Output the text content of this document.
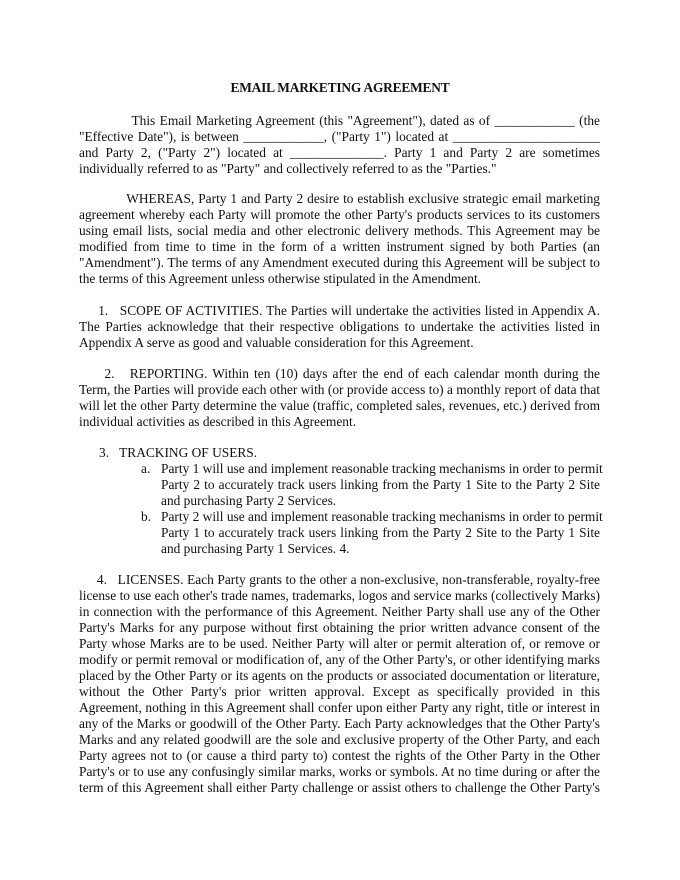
EMAIL MARKETING AGREEMENT
This Email Marketing Agreement (this "Agreement"), dated as of ____________ (the
"Effective Date"), is between ____________, ("Party 1") located at ______________________
and Party 2, ("Party 2") located at ______________. Party 1 and Party 2 are sometimes
individually referred to as "Party" and collectively referred to as the "Parties."
WHEREAS, Party 1 and Party 2 desire to establish exclusive strategic email marketing
agreement whereby each Party will promote the other Party's products services to its customers
using email lists, social media and other electronic delivery methods. This Agreement may be
modified from time to time in the form of a written instrument signed by both Parties (an
"Amendment"). The terms of any Amendment executed during this Agreement will be subject to
the terms of this Agreement unless otherwise stipulated in the Amendment.
1.   SCOPE OF ACTIVITIES. The Parties will undertake the activities listed in Appendix A.
The Parties acknowledge that their respective obligations to undertake the activities listed in
Appendix A serve as good and valuable consideration for this Agreement.
2.   REPORTING. Within ten (10) days after the end of each calendar month during the
Term, the Parties will provide each other with (or provide access to) a monthly report of data that
will let the other Party determine the value (traffic, completed sales, revenues, etc.) derived from
individual activities as described in this Agreement.
3.   TRACKING OF USERS.
a. Party 1 will use and implement reasonable tracking mechanisms in order to permit
Party 2 to accurately track users linking from the Party 1 Site to the Party 2 Site
and purchasing Party 2 Services.
b. Party 2 will use and implement reasonable tracking mechanisms in order to permit
Party 1 to accurately track users linking from the Party 2 Site to the Party 1 Site
and purchasing Party 1 Services. 4.
4.   LICENSES. Each Party grants to the other a non-exclusive, non-transferable, royalty-free
license to use each other's trade names, trademarks, logos and service marks (collectively Marks)
in connection with the performance of this Agreement. Neither Party shall use any of the Other
Party's Marks for any purpose without first obtaining the prior written advance consent of the
Party whose Marks are to be used. Neither Party will alter or permit alteration of, or remove or
modify or permit removal or modification of, any of the Other Party's, or other identifying marks
placed by the Other Party or its agents on the products or associated documentation or literature,
without the Other Party's prior written approval. Except as specifically provided in this
Agreement, nothing in this Agreement shall confer upon either Party any right, title or interest in
any of the Marks or goodwill of the Other Party. Each Party acknowledges that the Other Party's
Marks and any related goodwill are the sole and exclusive property of the Other Party, and each
Party agrees not to (or cause a third party to) contest the rights of the Other Party in the Other
Party's or to use any confusingly similar marks, works or symbols. At no time during or after the
term of this Agreement shall either Party challenge or assist others to challenge the Other Party's
